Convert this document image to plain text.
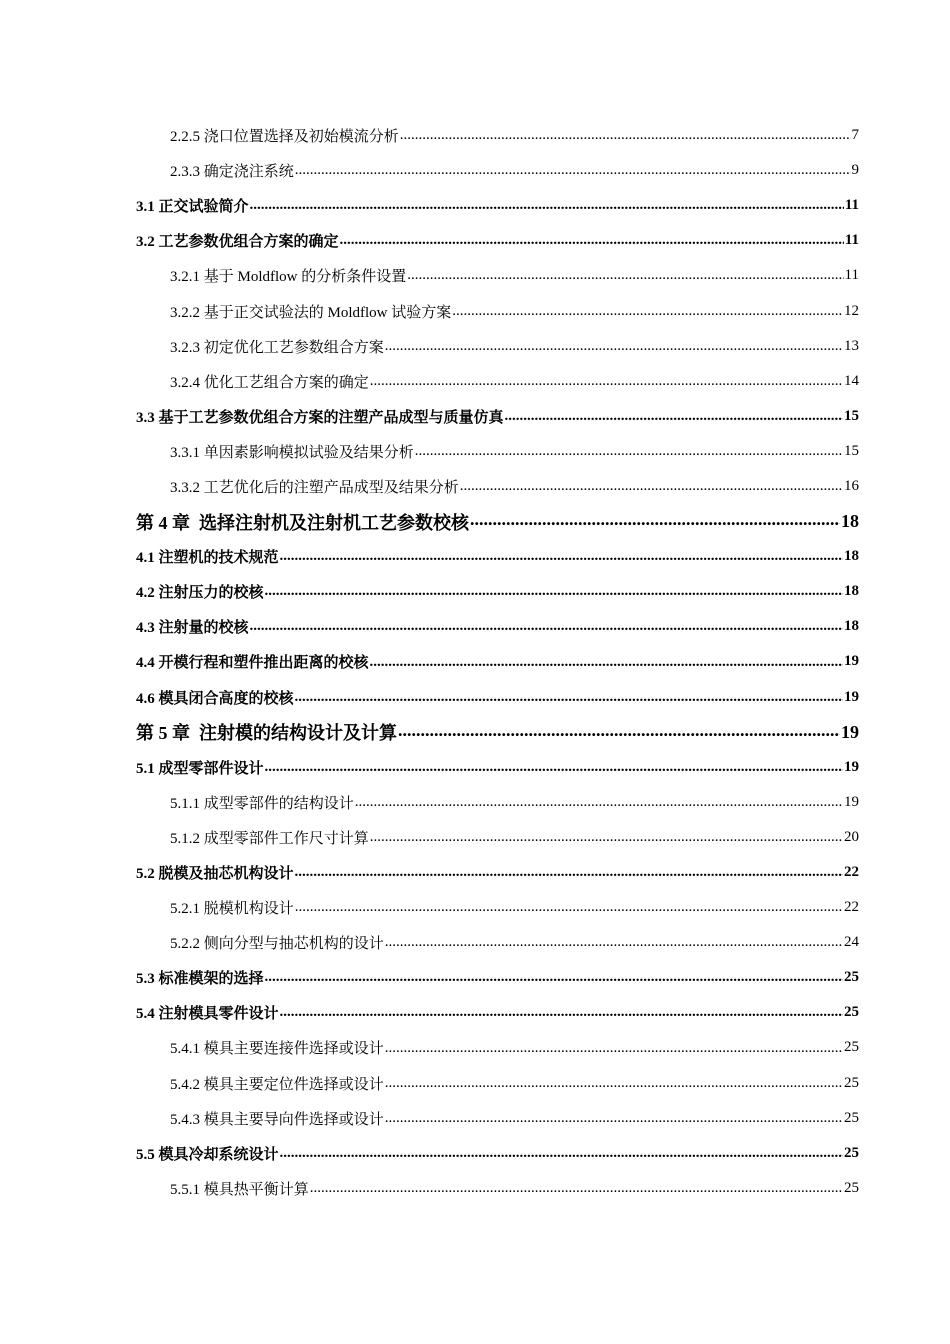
2.2.5 浇口位置选择及初始模流分析 .....	7
2.3.3 确定浇注系统 .....	9
3.1 正交试验简介 .....	11
3.2 工艺参数优组合方案的确定 .....	11
3.2.1 基于 Moldflow 的分析条件设置 .....	11
3.2.2 基于正交试验法的 Moldflow 试验方案 .....	12
3.2.3 初定优化工艺参数组合方案 .....	13
3.2.4 优化工艺组合方案的确定 .....	14
3.3 基于工艺参数优组合方案的注塑产品成型与质量仿真 .....	15
3.3.1 单因素影响模拟试验及结果分析 .....	15
3.3.2 工艺优化后的注塑产品成型及结果分析 .....	16
第 4 章  选择注射机及注射机工艺参数校核 .....	18
4.1 注塑机的技术规范 .....	18
4.2 注射压力的校核 .....	18
4.3 注射量的校核 .....	18
4.4 开模行程和塑件推出距离的校核 .....	19
4.6 模具闭合高度的校核 .....	19
第 5 章  注射模的结构设计及计算 .....	19
5.1 成型零部件设计 .....	19
5.1.1 成型零部件的结构设计 .....	19
5.1.2 成型零部件工作尺寸计算 .....	20
5.2 脱模及抽芯机构设计 .....	22
5.2.1 脱模机构设计 .....	22
5.2.2 侧向分型与抽芯机构的设计 .....	24
5.3 标准模架的选择 .....	25
5.4 注射模具零件设计 .....	25
5.4.1 模具主要连接件选择或设计 .....	25
5.4.2 模具主要定位件选择或设计 .....	25
5.4.3 模具主要导向件选择或设计 .....	25
5.5 模具冷却系统设计 .....	25
5.5.1 模具热平衡计算 .....	25
